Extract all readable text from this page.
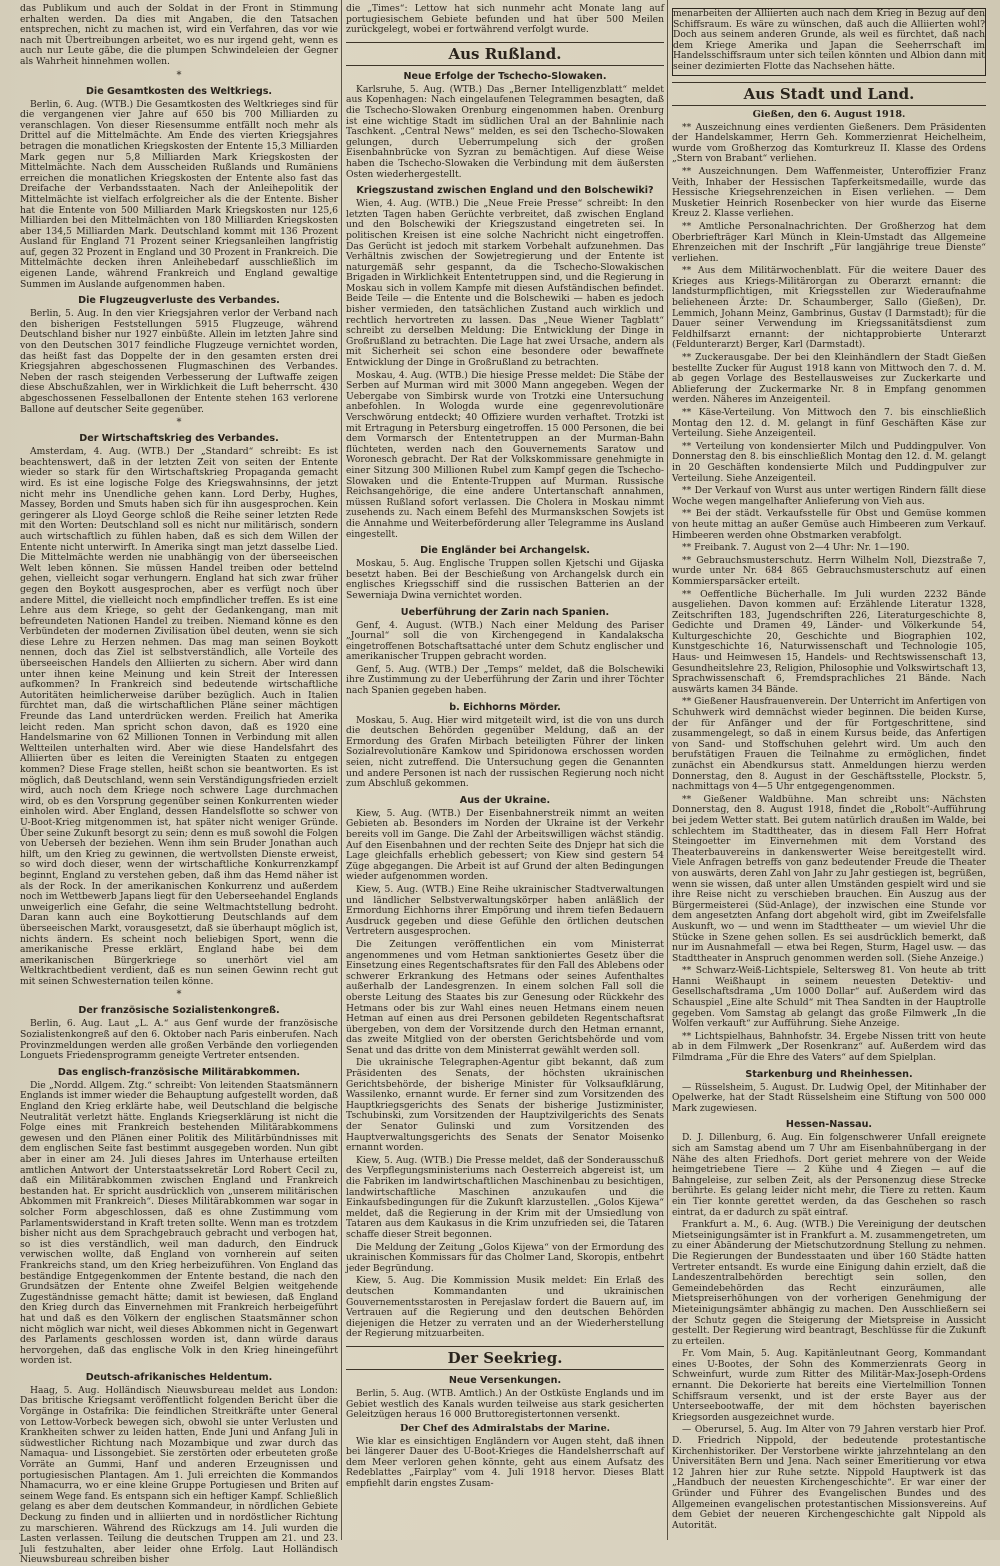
das Publikum und auch der Soldat in der Front in Stimmung erhalten werden. Da dies mit Angaben, die den Tatsachen entsprechen, nicht zu machen ist, wird ein Verfahren, das vor wie nach mit Übertreibungen arbeitet, wo es nur irgend geht, wenn es auch nur Leute gäbe, die die plumpen Schwindeleien der Gegner als Wahrheit hinnehmen wollen.

*
Die Gesamtkosten des Weltkriegs.

Berlin, 6. Aug. (WTB.) Die Gesamtkosten des Weltkrieges sind für die vergangenen vier Jahre auf 650 bis 700 Milliarden zu veranschlagen. Von dieser Riesensumme entfällt noch mehr als Drittel auf die Mittelmächte. Am Ende des vierten Kriegsjahres betragen die monatlichen Kriegskosten der Entente 15,3 Milliarden Mark gegen nur 5,8 Milliarden Mark Kriegskosten der Mittelmächte. Nach dem Ausscheiden Rußlands und Rumäniens erreichen die monatlichen Kriegskosten der Entente also fast das Dreifache der Verbandsstaaten. Nach der Anleihepolitik der Mittelmächte ist vielfach erfolgreicher als die der Entente. Bisher hat die Entente von 500 Milliarden Mark Kriegskosten nur 125,6 Milliarden bei den Mittelmächten von 180 Milliarden Kriegskosten aber 134,5 Milliarden Mark. Deutschland kommt mit 136 Prozent Ausland für England 71 Prozent seiner Kriegsanleihen langfristig auf, gegen 32 Prozent in England und 30 Prozent in Frankreich. Die Mittelmächte decken ihren Anleihebedarf ausschließlich im eigenen Lande, während Frankreich und England gewaltige Summen im Auslande aufgenommen haben.

Die Flugzeugverluste des Verbandes.

Berlin, 5. Aug. In den vier Kriegsjahren verlor der Verband nach den bisherigen Feststellungen 5915 Flugzeuge, während Deutschland bisher nur 1927 einbüßte. Allein im letzten Jahre sind von den Deutschen 3017 feindliche Flugzeuge vernichtet worden, das heißt fast das Doppelte der in den gesamten ersten drei Kriegsjahren abgeschossenen Flugmaschinen des Verbandes. Neben der rasch steigenden Verbesserung der Luftwaffe zeigen diese Abschußzahlen, wer in Wirklichkeit die Luft beherrscht. 430 abgeschossenen Fesselballonen der Entente stehen 163 verlorene Ballone auf deutscher Seite gegenüber.

*
Der Wirtschaftskrieg des Verbandes.

Amsterdam, 4. Aug. (WTB.) Der „Standard“ schreibt: Es ist beachtenswert, daß in der letzten Zeit von seiten der Entente wieder so stark für den Wirtschaftskrieg Propaganda gemacht wird. Es ist eine logische Folge des Kriegswahnsinns, der jetzt nicht mehr ins Unendliche gehen kann. Lord Derby, Hughes, Massey, Borden und Smuts haben sich für ihn ausgesprochen. Kein geringerer als Lloyd George schloß die Reihe seiner letzten Rede mit den Worten: Deutschland soll es nicht nur militärisch, sondern auch wirtschaftlich zu fühlen haben, daß es sich dem Willen der Entente nicht unterwirft. In Amerika singt man jetzt dasselbe Lied. Die Mittelmächte werden nie unabhängig von der überseeischen Welt leben können. Sie müssen Handel treiben oder bettelnd gehen, vielleicht sogar verhungern. England hat sich zwar früher gegen den Boykott ausgesprochen, aber es verfügt noch über andere Mittel, die vielleicht noch empfindlicher treffen. Es ist eine Lehre aus dem Kriege, so geht der Gedankengang, man mit befreundeten Nationen Handel zu treiben. Niemand könne es den Verbündeten der modernen Zivilisation übel deuten, wenn sie sich diese Lehre zu Herzen nehmen. Das mag man seinen Boykott nennen, doch das Ziel ist selbstverständlich, alle Vorteile des überseeischen Handels den Alliierten zu sichern. Aber wird dann unter ihnen keine Meinung und kein Streit der Interessen aufkommen? In Frankreich sind bedeutende wirtschaftliche Autoritäten heimlicherweise darüber bezüglich. Auch in Italien fürchtet man, daß die wirtschaftlichen Pläne seiner mächtigen Freunde das Land unterdrücken werden. Freilich hat Amerika leicht reden. Man spricht schon davon, daß es 1920 eine Handelsmarine von 62 Millionen Tonnen in Verbindung mit allen Weltteilen unterhalten wird. Aber wie diese Handelsfahrt des Alliierten über es leiten die Vereinigten Staaten zu entgegen kommen? Diese Frage stellen, heißt schon sie beantworten. Es ist möglich, daß Deutschland, wenn sein Verständigungsfrieden erzielt wird, auch noch dem Kriege noch schwere Lage durchmachen wird, ob es den Vorsprung gegenüber seinen Konkurrenten wieder einholen wird. Aber England, dessen Handelsflotte so schwer von U-Boot-Krieg mitgenommen ist, hat später nicht weniger Gründe. Über seine Zukunft besorgt zu sein; denn es muß sowohl die Folgen von Ueberseh der beziehen. Wenn ihm sein Bruder Jonathan auch hilft, um den Krieg zu gewinnen, die wertvollsten Dienste erweist, so wird doch dieser, wenn der wirtschaftliche Konkurrenzkampf beginnt, England zu verstehen geben, daß ihm das Hemd näher ist als der Rock. In der amerikanischen Konkurrenz und außerdem noch im Wettbewerb Japans liegt für den Ueberseehandel Englands unweigerlich eine Gefahr, die seine Weltmachtstellung bedroht. Daran kann auch eine Boykottierung Deutschlands auf dem überseeischen Markt, vorausgesetzt, daß sie überhaupt möglich ist, nichts ändern. Es scheint noch beliebigen Sport, wenn die amerikanische Presse erklärt, England habe bei dem amerikanischen Bürgerkriege so unerhört viel am Weltkrachtbedient verdient, daß es nun seinen Gewinn recht gut mit seinen Schwesternation teilen könne.

*
Der französische Sozialistenkongreß.

Berlin, 6. Aug. Laut „L. A.“ aus Genf wurde der französische Sozialistenkongreß auf den 6. Oktober nach Paris einberufen. Nach Provinzmeldungen werden alle großen Verbände den vorliegenden Longuets Friedensprogramm geneigte Vertreter entsenden.

Das englisch-französische Militärabkommen.

Die „Nordd. Allgem. Ztg.“ schreibt: Von leitenden Staatsmännern Englands ist immer wieder die Behauptung aufgestellt worden, daß England den Krieg erklärte habe, weil Deutschland die belgische Neutralität verletzt hätte. Englands Kriegserklärung ist nicht die Folge eines mit Frankreich bestehenden Militärabkommens gewesen und den Plänen einer Politik des Militärbündnisses mit dem englischen Seite fast bestimmt ausgegeben worden. Nun gibt aber in einer am 24. Juli dieses Jahres im Unterhause erteilten amtlichen Antwort der Unterstaatssekretär Lord Robert Cecil zu, daß ein Militärabkommen zwischen England und Frankreich bestanden hat. Er spricht ausdrücklich von „unserem militärischen Abkommen mit Frankreich“. Dieses Militärabkommen war sogar in solcher Form abgeschlossen, daß es ohne Zustimmung vom Parlamentswiderstand in Kraft treten sollte. Wenn man es trotzdem bisher nicht aus dem Sprachgebrauch gebracht und verbogen hat, so ist dies verständlich, weil man dadurch, den Eindruck verwischen wollte, daß England von vornherein auf seiten Frankreichs stand, um den Krieg herbeizuführen. Von England das beständige Entgegenkommen der Entente bestand, die nach den Grundsätzen der Entente ohne Zweifel Belgien weitgehende Zugeständnisse gemacht hätte; damit ist bewiesen, daß England den Krieg durch das Einvernehmen mit Frankreich herbeigeführt hat und daß es den Völkern der englischen Staatsmänner schon nicht möglich war nicht, weil dieses Abkommen nicht in Gegenwart des Parlaments geschlossen worden ist, dann würde daraus hervorgehen, daß das englische Volk in den Krieg hineingeführt worden ist.

Deutsch-afrikanisches Heldentum.

Haag, 5. Aug. Holländisch Nieuwsbureau meldet aus London: Das britische Kriegsamt veröffentlicht folgenden Bericht über die Vorgänge in Ostafrika: Die feindlichen Streitkräfte unter General von Lettow-Vorbeck bewegen sich, obwohl sie unter Verlusten und Krankheiten schwer zu leiden hatten, Ende Juni und Anfang Juli in südwestlicher Richtung nach Mozambique und zwar durch das Namaqua- und Lissongebiet. Sie zerstörten oder erbeuteten große Vorräte an Gummi, Hanf und anderen Erzeugnissen und portugiesischen Plantagen. Am 1. Juli erreichten die Kommandos Nhamacurra, wo er eine kleine Gruppe Portugiesen und Briten auf seinem Wege fand. Es entspann sich ein heftiger Kampf. Schließlich gelang es aber dem deutschen Kommandeur, in nördlichen Gebiete Deckung zu finden und in alliierten und in nordöstlicher Richtung zu marschieren. Während des Rückzugs am 14. Juli wurden die Lasten verlassen. Teilung die deutschen Truppen am 21. und 23. Juli festzuhalten, aber leider ohne Erfolg. Laut Holländisch Nieuwsbureau schreiben bisher

die „Times“: Lettow hat sich nunmehr acht Monate lang auf portugiesischem Gebiete befunden und hat über 500 Meilen zurückgelegt, wobei er fortwährend verfolgt wurde.

Aus Rußland.
Neue Erfolge der Tschecho-Slowaken.

Karlsruhe, 5. Aug. (WTB.) Das „Berner Intelligenzblatt“ meldet aus Kopenhagen: Nach eingelaufenen Telegrammen besagten, daß die Tschecho-Slowaken Orenburg eingenommen haben. Orenburg ist eine wichtige Stadt im südlichen Ural an der Bahnlinie nach Taschkent. „Central News“ melden, es sei den Tschecho-Slowaken gelungen, durch Ueberrumpelung sich der großen Eisenbahnbrücke von Syzran zu bemächtigen. Auf diese Weise haben die Tschecho-Slowaken die Verbindung mit dem äußersten Osten wiederhergestellt.

Kriegszustand zwischen England und den Bolschewiki?

Wien, 4. Aug. (WTB.) Die „Neue Freie Presse“ schreibt: In den letzten Tagen haben Gerüchte verbreitet, daß zwischen England und den Bolschewiki der Kriegszustand eingetreten sei. In politischen Kreisen ist eine solche Nachricht nicht eingetroffen. Das Gerücht ist jedoch mit starkem Vorbehalt aufzunehmen. Das Verhältnis zwischen der Sowjetregierung und der Entente ist naturgemäß sehr gespannt, da die Tschecho-Slowakischen Brigaden in Wirklichkeit Ententetruppen sind, und die Regierung in Moskau sich in vollem Kampfe mit diesen Aufständischen befindet. Beide Teile — die Entente und die Bolschewiki — haben es jedoch bisher vermieden, den tatsächlichen Zustand auch wirklich und rechtlich hervortreten zu lassen. Das „Neue Wiener Tagblatt“ schreibt zu derselben Meldung: Die Entwicklung der Dinge in Großrußland zu betrachten. Die Lage hat zwei Ursache, andern als mit Sicherheit sei schon eine besondere oder bewaffnete Entwicklung der Dinge in Großrußland zu betrachten.

Moskau, 4. Aug. (WTB.) Die hiesige Presse meldet: Die Stäbe der Serben auf Murman wird mit 3000 Mann angegeben. Wegen der Uebergabe von Simbirsk wurde von Trotzki eine Untersuchung anbefohlen. In Wologda wurde eine gegenrevolutionäre Verschwörung entdeckt; 40 Offiziere wurden verhaftet. Trotzki ist mit Ertragung in Petersburg eingetroffen. 15 000 Personen, die bei dem Vormarsch der Ententetruppen an der Murman-Bahn flüchteten, werden nach den Gouvernements Saratow und Woronesch gebracht. Der Rat der Volkskommissare genehmigte in einer Sitzung 300 Millionen Rubel zum Kampf gegen die Tschecho-Slowaken und die Entente-Truppen auf Murman. Russische Reichsangehörige, die eine andere Untertanschaft annahmen, müssen Rußland sofort verlassen. Die Cholera in Moskau nimmt zusehends zu. Nach einem Befehl des Murmanskschen Sowjets ist die Annahme und Weiterbeförderung aller Telegramme ins Ausland eingestellt.

Die Engländer bei Archangelsk.

Moskau, 5. Aug. Englische Truppen sollen Kjetschi und Gijaska besetzt haben. Bei der Beschießung von Archangelsk durch ein englisches Kriegsschiff sind die russischen Batterien an der Sewerniaja Dwina vernichtet worden.

Ueberführung der Zarin nach Spanien.

Genf, 4. August. (WTB.) Nach einer Meldung des Pariser „Journal“ soll die von Kirchengegend in Kandalakscha eingetroffenen Botschaftsattaché unter dem Schutz englischer und amerikanischer Truppen gebracht worden.

Genf, 5. Aug. (WTB.) Der „Temps“ meldet, daß die Bolschewiki ihre Zustimmung zu der Ueberführung der Zarin und ihrer Töchter nach Spanien gegeben haben.

b. Eichhorns Mörder.

Moskau, 5. Aug. Hier wird mitgeteilt wird, ist die von uns durch die deutschen Behörden gegenüber Meldung, daß an der Ermordung des Grafen Mirbach beteiligten Führer der linken Sozialrevolutionäre Kamkow und Spiridonowa erschossen worden seien, nicht zutreffend. Die Untersuchung gegen die Genannten und andere Personen ist nach der russischen Regierung noch nicht zum Abschluß gekommen.

Aus der Ukraine.

Kiew, 5. Aug. (WTB.) Der Eisenbahnerstreik nimmt an weiten Gebieten ab. Besonders im Norden der Ukraine ist der Verkehr bereits voll im Gange. Die Zahl der Arbeitswilligen wächst ständig. Auf den Eisenbahnen und der rechten Seite des Dnjepr hat sich die Lage gleichfalls erheblich gebessert; von Kiew sind gestern 54 Züge abgegangen. Die Arbeit ist auf Grund der alten Bedingungen wieder aufgenommen worden.

Kiew, 5. Aug. (WTB.) Eine Reihe ukrainischer Stadtverwaltungen und ländlicher Selbstverwaltungskörper haben anläßlich der Ermordung Eichhorns ihrer Empörung und ihrem tiefen Bedauern Ausdruck gegeben und diese Gefühle den örtlichen deutschen Vertretern ausgesprochen.

Die Zeitungen veröffentlichen ein vom Ministerrat angenommenes und vom Hetman sanktioniertes Gesetz über die Einsetzung eines Regentschaftsrates für den Fall des Ablebens oder schwerer Erkrankung des Hetmans oder seines Aufenthaltes außerhalb der Landesgrenzen. In einem solchen Fall soll die oberste Leitung des Staates bis zur Genesung oder Rückkehr des Hetmans oder bis zur Wahl eines neuen Hetmans einem neuen Hetman auf einen aus drei Personen gebildeten Regentschaftsrat übergeben, von dem der Vorsitzende durch den Hetman ernannt, das zweite Mitglied von der obersten Gerichtsbehörde und vom Senat und das dritte von dem Ministerrat gewählt werden soll.

Die ukrainische Telegraphen-Agentur gibt bekannt, daß zum Präsidenten des Senats, der höchsten ukrainischen Gerichtsbehörde, der bisherige Minister für Volksaufklärung, Wassilenko, ernannt wurde. Er ferner sind zum Vorsitzenden des Hauptkriegsgerichts des Senats der bisherige Justizminister, Tschubinski, zum Vorsitzenden der Hauptzivilgerichts des Senats der Senator Gulinski und zum Vorsitzenden des Hauptverwaltungsgerichts des Senats der Senator Moisenko ernannt worden.

Kiew, 5. Aug. (WTB.) Die Presse meldet, daß der Sonderausschuß des Verpflegungsministeriums nach Oesterreich abgereist ist, um die Fabriken im landwirtschaftlichen Maschinenbau zu besichtigen, landwirtschaftliche Maschinen anzukaufen und die Einkaufsbedingungen für die Zukunft klarzustellen. „Golos Kijewa“ meldet, daß die Regierung in der Krim mit der Umsiedlung von Tataren aus dem Kaukasus in die Krim unzufrieden sei, die Tataren schaffe dieser Streit begonnen.

Die Meldung der Zeitung „Golos Kijewa“ von der Ermordung des ukrainischen Kommissars für das Cholmer Land, Skoropis, entbehrt jeder Begründung.

Kiew, 5. Aug. Die Kommission Musik meldet: Ein Erlaß des deutschen Kommandanten und ukrainischen Gouvernementsstarosten in Perejaslaw fordert die Bauern auf, im Vertrauen auf die Regierung und den deutschen Behörden diejenigen die Hetzer zu verraten und an der Wiederherstellung der Regierung mitzuarbeiten.

Der Seekrieg.
Neue Versenkungen.

Berlin, 5. Aug. (WTB. Amtlich.) An der Ostküste Englands und im Gebiet westlich des Kanals wurden teilweise aus stark gesicherten Geleitzügen heraus 16 000 Bruttoregistertonnen versenkt.

Der Chef des Admiralstabs der Marine.

Wie klar es einsichtigen Engländern vor Augen steht, daß ihnen bei längerer Dauer des U-Boot-Krieges die Handelsherrschaft auf dem Meer verloren gehen könnte, geht aus einem Aufsatz des Redeblattes „Fairplay“ vom 4. Juli 1918 hervor. Dieses Blatt empfiehlt darin engstes Zusam-

menarbeiten der Alliierten auch nach dem Krieg in Bezug auf den Schiffsraum. Es wäre zu wünschen, daß auch die Alliierten wohl? Doch aus seinem anderen Grunde, als weil es fürchtet, daß nach dem Kriege Amerika und Japan die Seeherrschaft im Handelsschiffsraum unter sich teilen könnten und Albion dann mit seiner dezimierten Flotte das Nachsehen hätte.

Aus Stadt und Land.
Gießen, den 6. August 1918.

** Auszeichnung eines verdienten Gießeners. Dem Präsidenten der Handelskammer, Herrn Geh. Kommerzienrat Heichelheim, wurde vom Großherzog das Komturkreuz II. Klasse des Ordens „Stern von Brabant“ verliehen.

** Auszeichnungen. Dem Waffenmeister, Unteroffizier Franz Veith, Inhaber der Hessischen Tapferkeitsmedaille, wurde das Hessische Kriegsehrenzeichen in Eisen verliehen. — Dem Musketier Heinrich Rosenbecker von hier wurde das Eiserne Kreuz 2. Klasse verliehen.

** Amtliche Personalnachrichten. Der Großherzog hat dem Oberbriefträger Karl Münch in Klein-Umstadt das Allgemeine Ehrenzeichen mit der Inschrift „Für langjährige treue Dienste“ verliehen.

** Aus dem Militärwochenblatt. Für die weitere Dauer des Krieges aus Kriegs-Militärorgan zu Oberarzt ernannt: die landsturmpflichtigen, mit Kriegsstellen zur Wiederaufnahme belieheneen Ärzte: Dr. Schaumberger, Sallo (Gießen), Dr. Lemmich, Johann Meinz, Gambrinus, Gustav (I Darmstadt); für die Dauer seiner Verwendung im Kriegssanitätsdienst zum Feldhilfsarzt ernannt: der nichtapprobierte Unterarzt (Feldunterarzt) Berger, Karl (Darmstadt).

** Zuckerausgabe. Der bei den Kleinhändlern der Stadt Gießen bestellte Zucker für August 1918 kann von Mittwoch den 7. d. M. ab gegen Vorlage des Bestellausweises zur Zuckerkarte und Ablieferung der Zuckermarke Nr. 8 in Empfang genommen werden. Näheres im Anzeigenteil.

** Käse-Verteilung. Von Mittwoch den 7. bis einschließlich Montag den 12. d. M. gelangt in fünf Geschäften Käse zur Verteilung. Siehe Anzeigenteil.

** Verteilung von kondensierter Milch und Puddingpulver. Von Donnerstag den 8. bis einschließlich Montag den 12. d. M. gelangt in 20 Geschäften kondensierte Milch und Puddingpulver zur Verteilung. Siehe Anzeigenteil.

** Der Verkauf von Wurst aus unter wertigen Rindern fällt diese Woche wegen mangelhafter Anlieferung von Vieh aus.

** Bei der städt. Verkaufsstelle für Obst und Gemüse kommen von heute mittag an außer Gemüse auch Himbeeren zum Verkauf. Himbeeren werden ohne Obstmarken verabfolgt.

** Freibank. 7. August von 2—4 Uhr: Nr. 1—190.

** Gebrauchsmusterschutz. Herrn Wilhelm Noll, Diezstraße 7, wurde unter Nr. 684 865 Gebrauchsmusterschutz auf einen Kommiersparsäcker erteilt.

** Oeffentliche Bücherhalle. Im Juli wurden 2232 Bände ausgeliehen. Davon kommen auf: Erzählende Literatur 1328, Zeitschriften 183, Jugendschriften 226, Literaturgeschichte 8, Gedichte und Dramen 49, Länder- und Völkerkunde 54, Kulturgeschichte 20, Geschichte und Biographien 102, Kunstgeschichte 16, Naturwissenschaft und Technologie 105, Haus- und Heimwesen 15, Handels- und Rechtswissenschaft 13, Gesundheitslehre 23, Religion, Philosophie und Volkswirtschaft 13, Sprachwissenschaft 6, Fremdsprachliches 21 Bände. Nach auswärts kamen 34 Bände.

** Gießener Hausfrauenverein. Der Unterricht im Anfertigen von Schuhwerk wird demnächst wieder beginnen. Die beiden Kurse, der für Anfänger und der für Fortgeschrittene, sind zusammengelegt, so daß in einem Kursus beide, das Anfertigen von Sand- und Stoffschuhen gelehrt wird. Um auch den berufstätigen Frauen die Teilnahme zu ermöglichen, findet zunächst ein Abendkursus statt. Anmeldungen hierzu werden Donnerstag, den 8. August in der Geschäftsstelle, Plockstr. 5, nachmittags von 4—5 Uhr entgegengenommen.

** Gießener Waldbühne. Man schreibt uns: Nächsten Donnerstag, den 8. August 1918, findet die „Robolt“-Aufführung bei jedem Wetter statt. Bei gutem natürlich draußen im Walde, bei schlechtem im Stadttheater, das in diesem Fall Herr Hofrat Steingoetter im Einvernehmen mit dem Vorstand des Theaterbauvereins in dankenswerter Weise bereitgestellt wird. Viele Anfragen betreffs von ganz bedeutender Freude die Theater von auswärts, deren Zahl von Jahr zu Jahr gestiegen ist, begrüßen, wenn sie wissen, daß unter allen Umständen gespielt wird und sie ihre Reise nicht zu verschieben brauchen. Ein Auszug aus der Bürgermeisterei (Süd-Anlage), der inzwischen eine Stunde vor dem angesetzten Anfang dort abgeholt wird, gibt im Zweifelsfalle Auskunft, wo — und wenn im Stadttheater — um wieviel Uhr die Stücke in Szene gehen sollen. Es sei ausdrücklich bemerkt, daß nur im Ausnahmefall — etwa bei Regen, Sturm, Hagel usw. — das Stadttheater in Anspruch genommen werden soll. (Siehe Anzeige.)

** Schwarz-Weiß-Lichtspiele, Seltersweg 81. Von heute ab tritt Hanni Weißhaupt in seinem neuesten Detektiv- und Gesellschaftsdrama „Um 1000 Dollar“ auf. Außerdem wird das Schauspiel „Eine alte Schuld“ mit Thea Sandten in der Hauptrolle gegeben. Vom Samstag ab gelangt das große Filmwerk „In die Wolfen verkauft“ zur Aufführung. Siehe Anzeige.

** Lichtspielhaus, Bahnhofstr. 34. Ergebe Nissen tritt von heute ab in dem Filmwerk „Der Rosenkranz“ auf. Außerdem wird das Filmdrama „Für die Ehre des Vaters“ auf dem Spielplan.

Starkenburg und Rheinhessen.

— Rüsselsheim, 5. August. Dr. Ludwig Opel, der Mitinhaber der Opelwerke, hat der Stadt Rüsselsheim eine Stiftung von 500 000 Mark zugewiesen.

Hessen-Nassau.

D. J. Dillenburg, 6. Aug. Ein folgenschwerer Unfall ereignete sich am Samstag abend um 7 Uhr am Eisenbahnübergang in der Nähe des alten Friedhofs. Dort geriet mehrere von der Weide heimgetriebene Tiere — 2 Kühe und 4 Ziegen — auf die Bahngeleise, zur selben Zeit, als der Personenzug diese Strecke berührte. Es gelang leider nicht mehr, die Tiere zu retten. Kaum ein Tier konnte gerettet werden, da das Geschehen so rasch eintrat, da er dadurch zu spät eintraf.

Frankfurt a. M., 6. Aug. (WTB.) Die Vereinigung der deutschen Mietseinigungsämter ist in Frankfurt a. M. zusammengetreten, um zu einer Abänderung der Mietschutzordnung Stellung zu nehmen. Die Regierungen der Bundesstaaten und über 160 Städte hatten Vertreter entsandt. Es wurde eine Einigung dahin erzielt, daß die Landeszentralbehörden berechtigt sein sollen, den Gemeindebehörden das Recht einzuräumen, alle Mietspreiserhöhungen von der vorherigen Genehmigung der Mieteinigungsämter abhängig zu machen. Den Ausschließern sei der Schutz gegen die Steigerung der Mietspreise in Aussicht gestellt. Der Regierung wird beantragt, Beschlüsse für die Zukunft zu erteilen.

Fr. Vom Main, 5. Aug. Kapitänleutnant Georg, Kommandant eines U-Bootes, der Sohn des Kommerzienrats Georg in Schweinfurt, wurde zum Ritter des Militär-Max-Joseph-Ordens ernannt. Die Dekorierte hat bereits eine Viertelmillion Tonnen Schiffsraum versenkt, und ist der erste Bayer aus der Unterseebootwaffe, der mit dem höchsten bayerischen Kriegsorden ausgezeichnet wurde.

— Oberursel, 5. Aug. Im Alter von 79 Jahren verstarb hier Prof. D. Friedrich Nippold, der bedeutende protestantische Kirchenhistoriker. Der Verstorbene wirkte jahrzehntelang an den Universitäten Bern und Jena. Nach seiner Emeritierung vor etwa 12 Jahren hier zur Ruhe setzte. Nippold Hauptwerk ist das „Handbuch der neuesten Kirchengeschichte“. Er war einer der Gründer und Führer des Evangelischen Bundes und des Allgemeinen evangelischen protestantischen Missionsvereins. Auf dem Gebiet der neueren Kirchengeschichte galt Nippold als Autorität.
